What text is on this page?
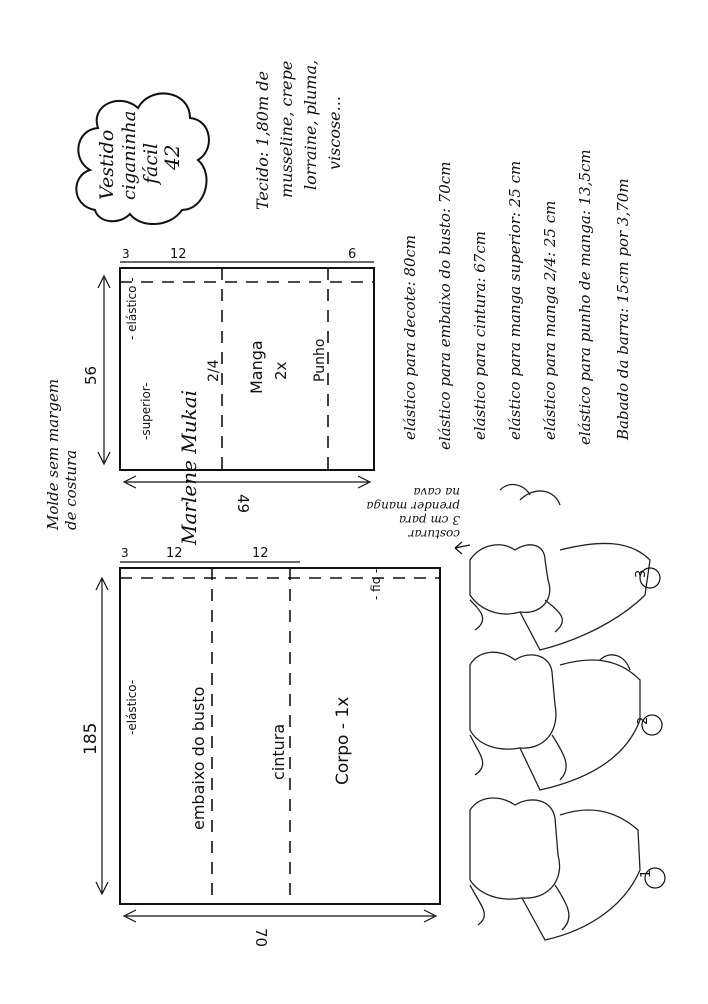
Vestido ciganinha fácil
42	Tecido: 1,80m de musseline, crepe lorraine, pluma, viscose...
Molde sem margem de costura
3	12	6
56
49
- elástico -
-superior-
2/4 Manga 2x Punho
3	12	12
185
70
-elástico-	embaixo do busto	cintura	Corpo - 1x
- fio -
Marlene Mukai
elástico para decote: 80cm elástico para embaixo do busto: 70cm elástico para cintura: 67cm elástico para manga superior: 25 cm elástico para manga 2/4: 25 cm elástico para punho de manga: 13,5cm Babado da barra: 15cm por 3,70m
costurar
3 cm para
prender manga
na cava
3
2
1
